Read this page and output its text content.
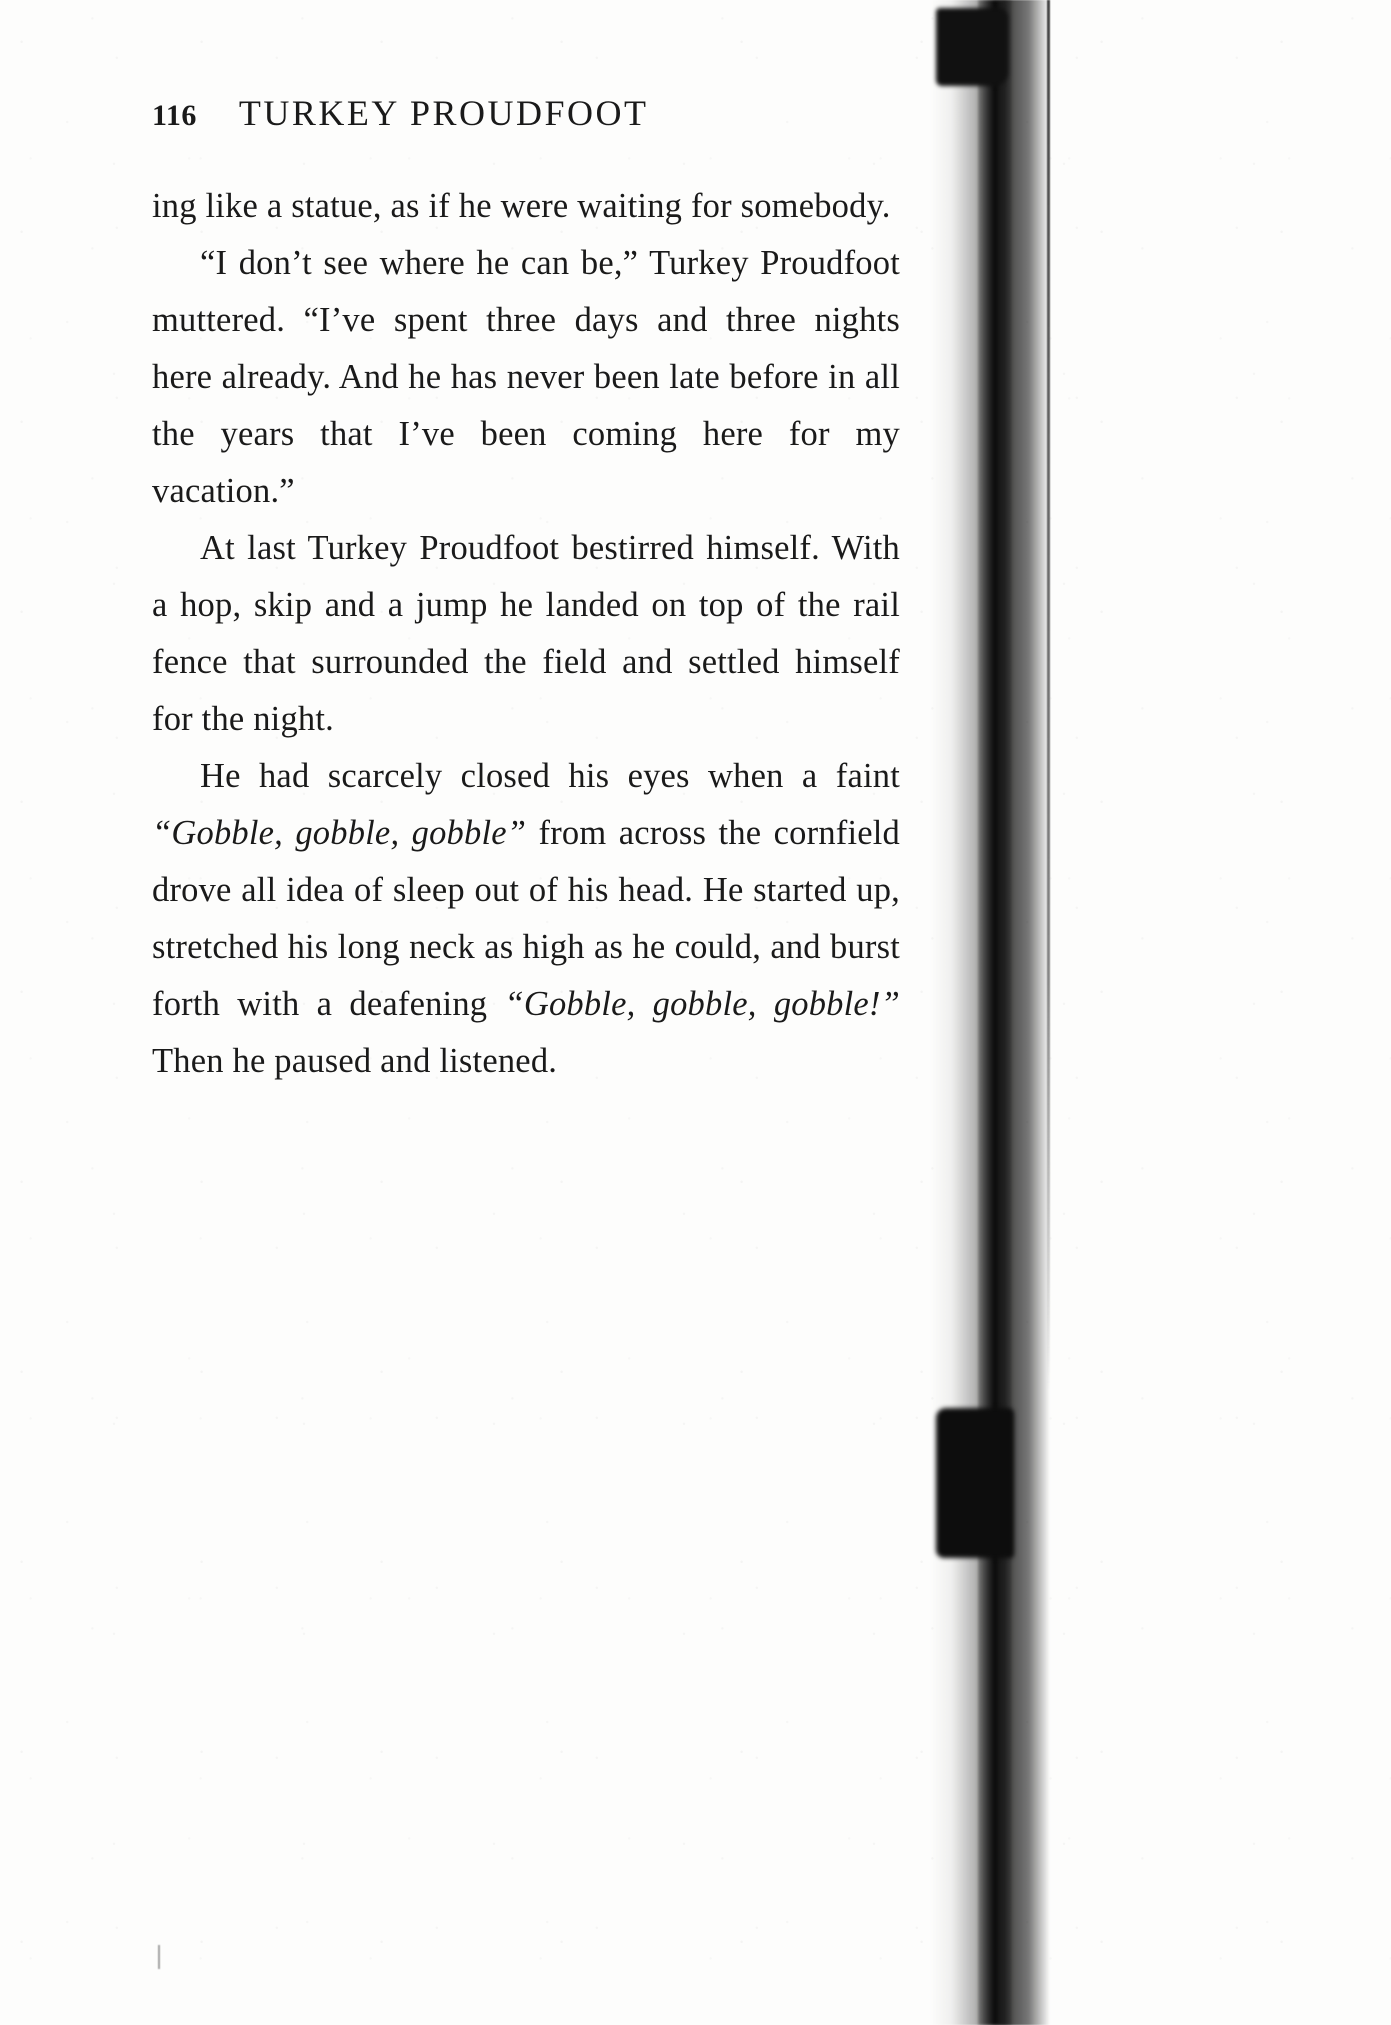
116 TURKEY PROUDFOOT

ing like a statue, as if he were waiting for somebody.

“I don’t see where he can be,” Turkey Proudfoot muttered. “I’ve spent three days and three nights here already. And he has never been late before in all the years that I’ve been coming here for my vacation.”

At last Turkey Proudfoot bestirred himself. With a hop, skip and a jump he landed on top of the rail fence that surrounded the field and settled himself for the night.

He had scarcely closed his eyes when a faint “Gobble, gobble, gobble” from across the cornfield drove all idea of sleep out of his head. He started up, stretched his long neck as high as he could, and burst forth with a deafening “Gobble, gobble, gobble!” Then he paused and listened.
